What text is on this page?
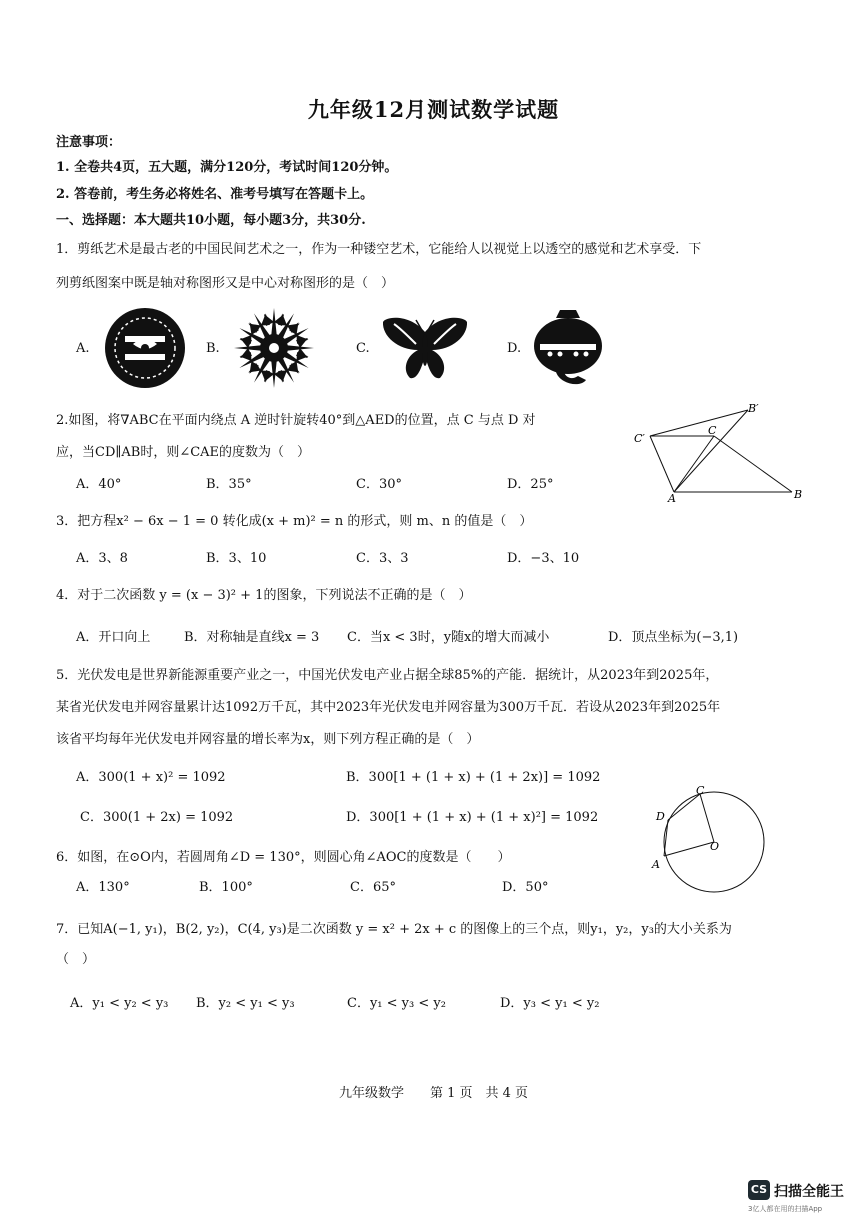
九年级12月测试数学试题
注意事项：
1. 全卷共4页，五大题，满分120分，考试时间120分钟。
2. 答卷前，考生务必将姓名、准考号填写在答题卡上。
一、选择题：本大题共10小题，每小题3分，共30分.
1．剪纸艺术是最古老的中国民间艺术之一，作为一种镂空艺术，它能给人以视觉上以透空的感觉和艺术享受．下
列剪纸图案中既是轴对称图形又是中心对称图形的是（　）
A.	B.	C.	D.
2.如图，将∇ABC在平面内绕点 A 逆时针旋转40°到△AED的位置，点 C 与点 D 对
应，当CD∥AB时，则∠CAE的度数为（　）
A．40°	B．35°	C．30°	D．25°
B′
C′
C
A	B
3．把方程x² − 6x − 1 = 0 转化成(x + m)² = n 的形式，则 m、n 的值是（　）
A．3、8	B．3、10	C．3、3	D．−3、10
4．对于二次函数 y = (x − 3)² + 1的图象，下列说法不正确的是（　）
A．开口向上	B．对称轴是直线x = 3 C．当x < 3时，y随x的增大而减小	D．顶点坐标为(−3,1)
5．光伏发电是世界新能源重要产业之一，中国光伏发电产业占据全球85%的产能．据统计，从2023年到2025年，
某省光伏发电并网容量累计达1092万千瓦，其中2023年光伏发电并网容量为300万千瓦．若设从2023年到2025年
该省平均每年光伏发电并网容量的增长率为x，则下列方程正确的是（　）
A．300(1 + x)² = 1092	B．300[1 + (1 + x) + (1 + 2x)] = 1092
C．300(1 + 2x) = 1092	D．300[1 + (1 + x) + (1 + x)²] = 1092
6．如图，在⊙O内，若圆周角∠D = 130°，则圆心角∠AOC的度数是（　　）
A．130°	B．100°	C．65°	D．50°
C
D
O
A
7．已知A(−1, y₁)，B(2, y₂)，C(4, y₃)是二次函数 y = x² + 2x + c 的图像上的三个点，则y₁，y₂，y₃的大小关系为
（　）
A．y₁ < y₂ < y₃ B．y₂ < y₁ < y₃	C．y₁ < y₃ < y₂	D．y₃ < y₁ < y₂
九年级数学　　第 1 页　共 4 页
CS 扫描全能王
3亿人都在用的扫描App
